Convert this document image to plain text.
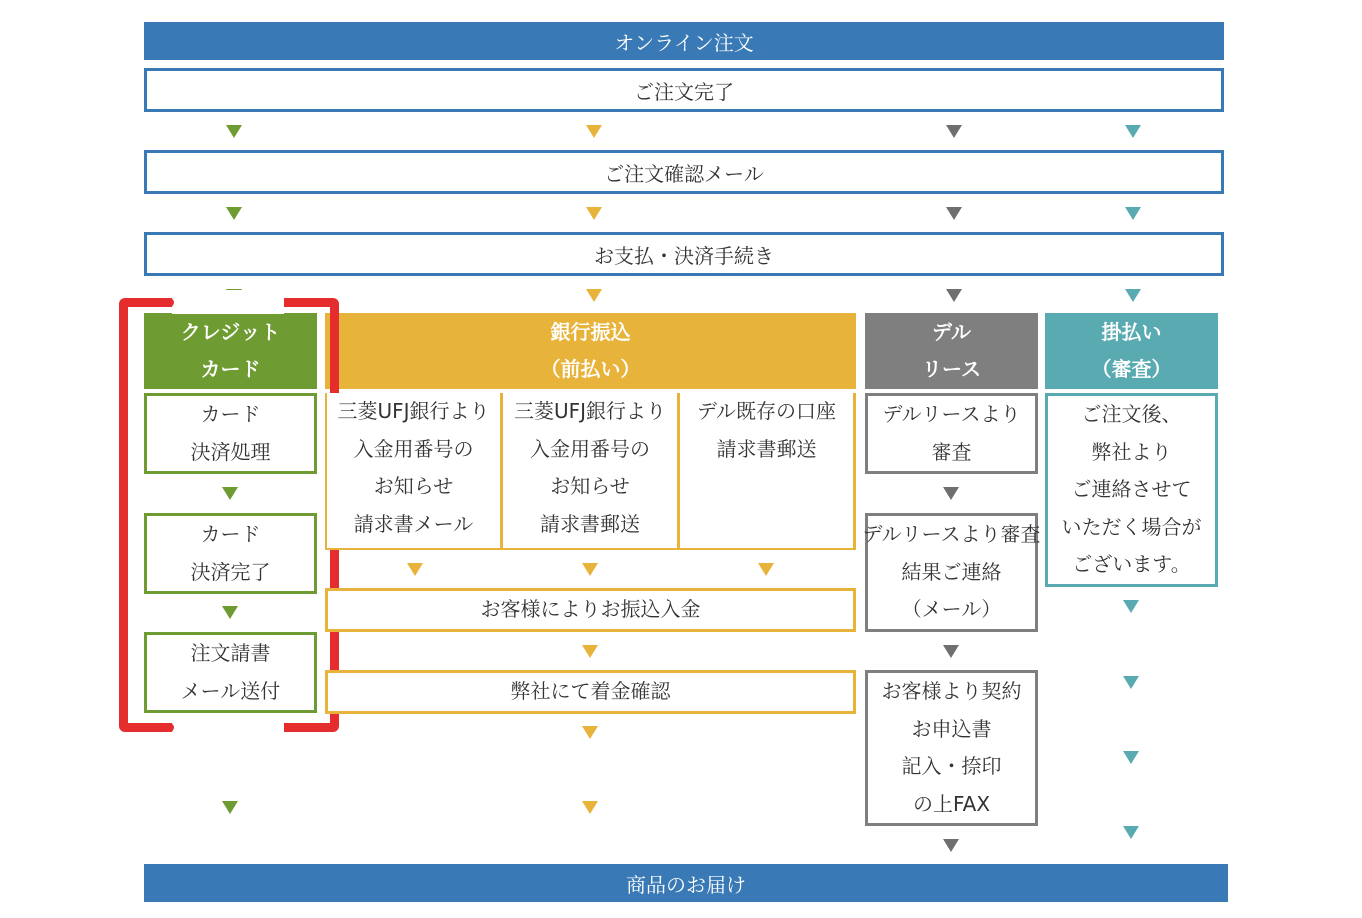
オンライン注文
ご注文完了
ご注文確認メール
お支払・決済手続き
クレジット
カード
銀行振込
（前払い）
デル
リース
掛払い
（審査）
カード
決済処理
カード
決済完了
注文請書
メール送付
三菱UFJ銀行より
入金用番号の
お知らせ
請求書メール
三菱UFJ銀行より
入金用番号の
お知らせ
請求書郵送
デル既存の口座
請求書郵送
お客様によりお振込入金
弊社にて着金確認
デルリースより
審査
デルリースより審査
結果ご連絡
（メール）
お客様より契約
お申込書
記入・捺印
の上FAX
ご注文後、
弊社より
ご連絡させて
いただく場合が
ございます。
商品のお届け
